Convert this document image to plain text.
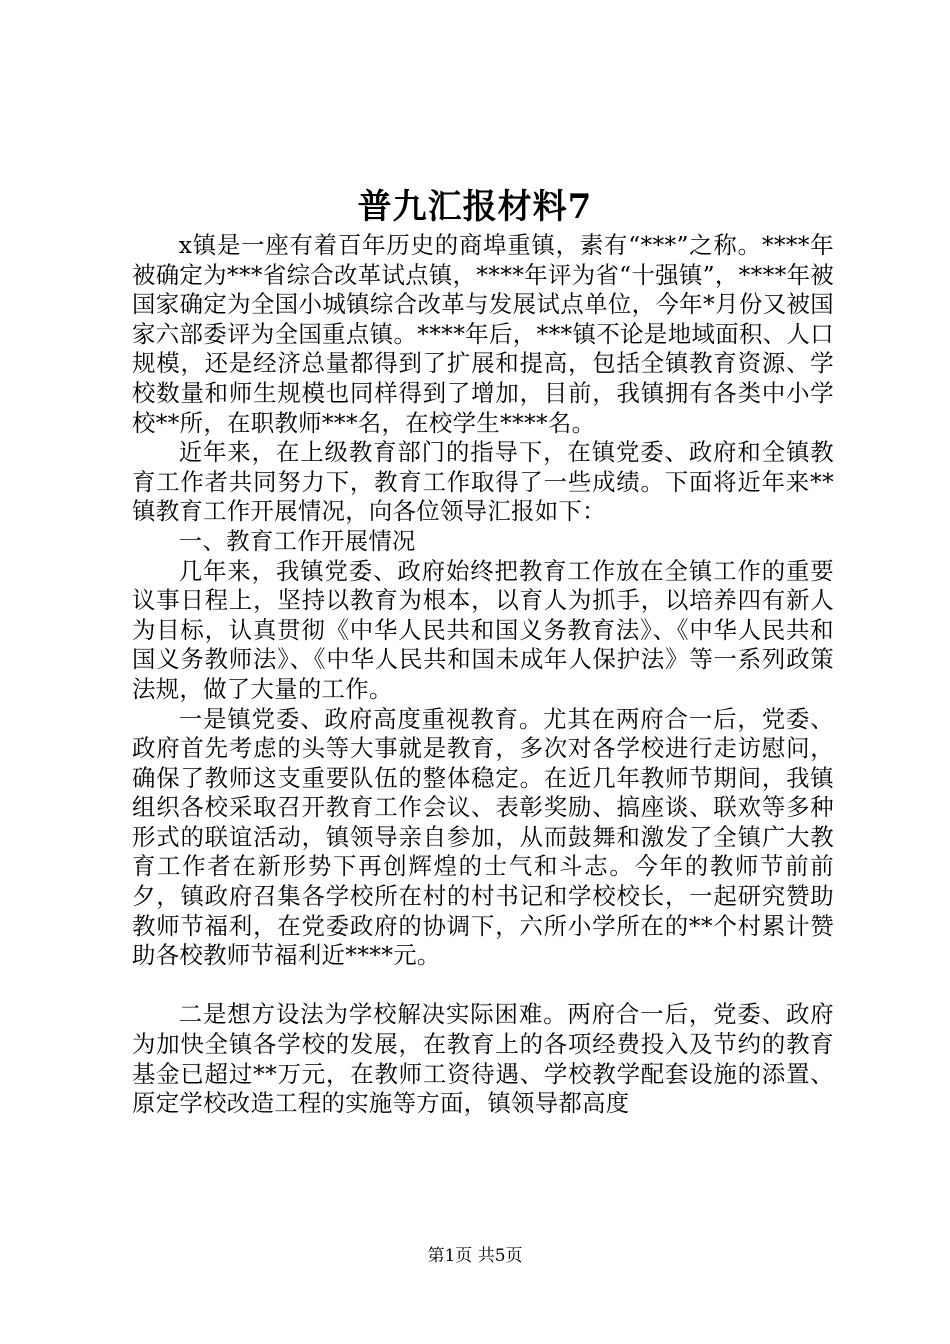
普九汇报材料7

x镇是一座有着百年历史的商埠重镇，素有“***”之称。****年被确定为***省综合改革试点镇，****年评为省“十强镇”，****年被国家确定为全国小城镇综合改革与发展试点单位，今年*月份又被国家六部委评为全国重点镇。****年后，***镇不论是地域面积、人口规模，还是经济总量都得到了扩展和提高，包括全镇教育资源、学校数量和师生规模也同样得到了增加，目前，我镇拥有各类中小学校**所，在职教师***名，在校学生****名。

近年来，在上级教育部门的指导下，在镇党委、政府和全镇教育工作者共同努力下，教育工作取得了一些成绩。下面将近年来**镇教育工作开展情况，向各位领导汇报如下：

一、教育工作开展情况

几年来，我镇党委、政府始终把教育工作放在全镇工作的重要议事日程上，坚持以教育为根本，以育人为抓手，以培养四有新人为目标，认真贯彻《中华人民共和国义务教育法》、《中华人民共和国义务教师法》、《中华人民共和国未成年人保护法》等一系列政策法规，做了大量的工作。

一是镇党委、政府高度重视教育。尤其在两府合一后，党委、政府首先考虑的头等大事就是教育，多次对各学校进行走访慰问，确保了教师这支重要队伍的整体稳定。在近几年教师节期间，我镇组织各校采取召开教育工作会议、表彰奖励、搞座谈、联欢等多种形式的联谊活动，镇领导亲自参加，从而鼓舞和激发了全镇广大教育工作者在新形势下再创辉煌的士气和斗志。今年的教师节前前夕，镇政府召集各学校所在村的村书记和学校校长，一起研究赞助教师节福利，在党委政府的协调下，六所小学所在的**个村累计赞助各校教师节福利近****元。

二是想方设法为学校解决实际困难。两府合一后，党委、政府为加快全镇各学校的发展，在教育上的各项经费投入及节约的教育基金已超过**万元，在教师工资待遇、学校教学配套设施的添置、原定学校改造工程的实施等方面，镇领导都高度

第1页 共5页
